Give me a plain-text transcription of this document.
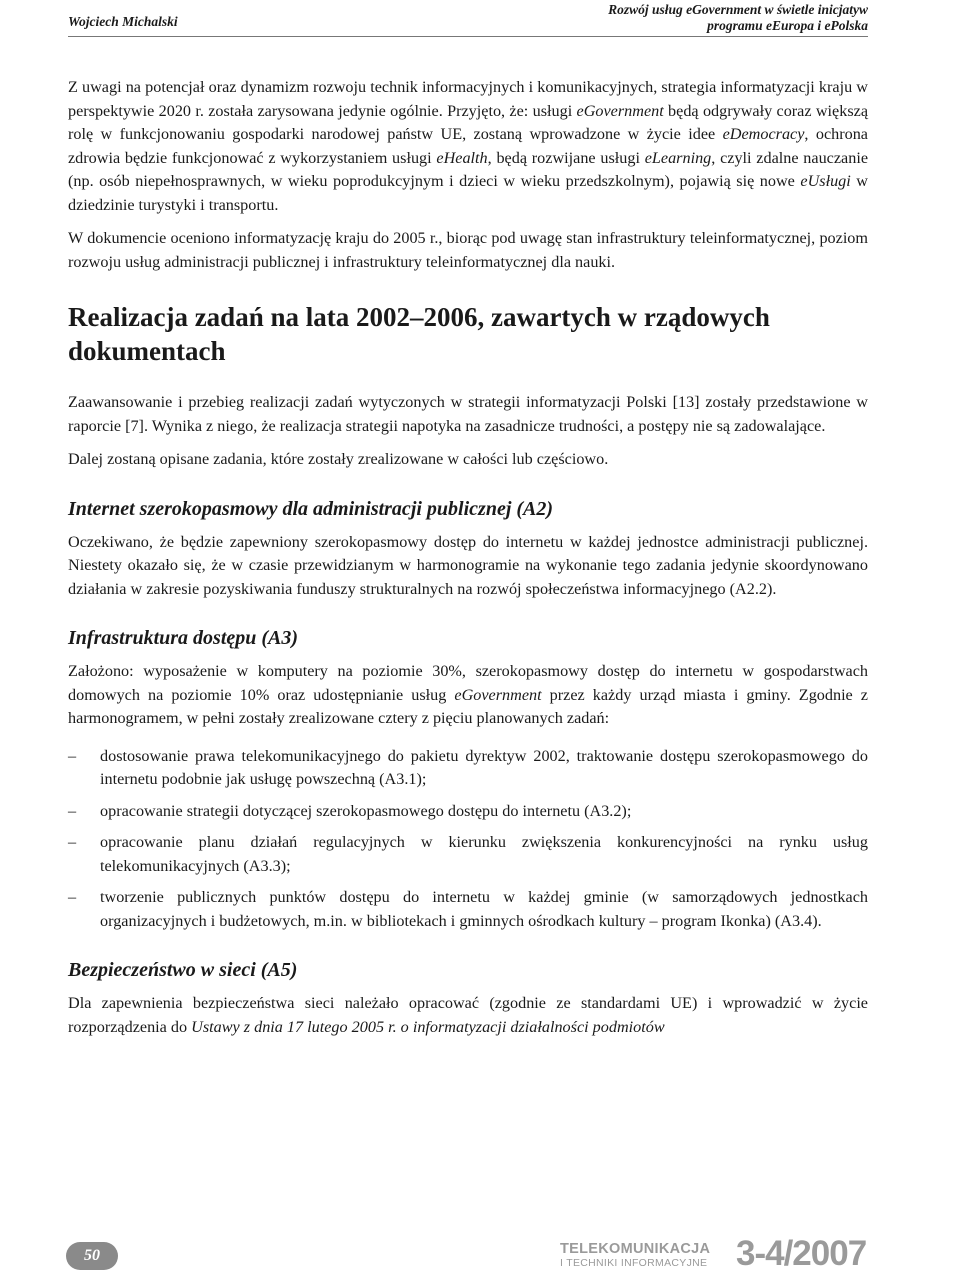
Wojciech Michalski
Rozwój usług eGovernment w świetle inicjatyw
programu eEuropa i ePolska

Z uwagi na potencjał oraz dynamizm rozwoju technik informacyjnych i komunikacyjnych, strategia informatyzacji kraju w perspektywie 2020 r. została zarysowana jedynie ogólnie. Przyjęto, że: usługi eGovernment będą odgrywały coraz większą rolę w funkcjonowaniu gospodarki narodowej państw UE, zostaną wprowadzone w życie idee eDemocracy, ochrona zdrowia będzie funkcjonować z wykorzystaniem usługi eHealth, będą rozwijane usługi eLearning, czyli zdalne nauczanie (np. osób niepełnosprawnych, w wieku poprodukcyjnym i dzieci w wieku przedszkolnym), pojawią się nowe eUsługi w dziedzinie turystyki i transportu.

W dokumencie oceniono informatyzację kraju do 2005 r., biorąc pod uwagę stan infrastruktury teleinformatycznej, poziom rozwoju usług administracji publicznej i infrastruktury teleinformatycznej dla nauki.

Realizacja zadań na lata 2002–2006, zawartych w rządowych dokumentach

Zaawansowanie i przebieg realizacji zadań wytyczonych w strategii informatyzacji Polski [13] zostały przedstawione w raporcie [7]. Wynika z niego, że realizacja strategii napotyka na zasadnicze trudności, a postępy nie są zadowalające.

Dalej zostaną opisane zadania, które zostały zrealizowane w całości lub częściowo.

Internet szerokopasmowy dla administracji publicznej (A2)

Oczekiwano, że będzie zapewniony szerokopasmowy dostęp do internetu w każdej jednostce administracji publicznej. Niestety okazało się, że w czasie przewidzianym w harmonogramie na wykonanie tego zadania jedynie skoordynowano działania w zakresie pozyskiwania funduszy strukturalnych na rozwój społeczeństwa informacyjnego (A2.2).

Infrastruktura dostępu (A3)

Założono: wyposażenie w komputery na poziomie 30%, szerokopasmowy dostęp do internetu w gospodarstwach domowych na poziomie 10% oraz udostępnianie usług eGovernment przez każdy urząd miasta i gminy. Zgodnie z harmonogramem, w pełni zostały zrealizowane cztery z pięciu planowanych zadań:

– dostosowanie prawa telekomunikacyjnego do pakietu dyrektyw 2002, traktowanie dostępu szerokopasmowego do internetu podobnie jak usługę powszechną (A3.1);
– opracowanie strategii dotyczącej szerokopasmowego dostępu do internetu (A3.2);
– opracowanie planu działań regulacyjnych w kierunku zwiększenia konkurencyjności na rynku usług telekomunikacyjnych (A3.3);
– tworzenie publicznych punktów dostępu do internetu w każdej gminie (w samorządowych jednostkach organizacyjnych i budżetowych, m.in. w bibliotekach i gminnych ośrodkach kultury – program Ikonka) (A3.4).
Bezpieczeństwo w sieci (A5)

Dla zapewnienia bezpieczeństwa sieci należało opracować (zgodnie ze standardami UE) i wprowadzić w życie rozporządzenia do Ustawy z dnia 17 lutego 2005 r. o informatyzacji działalności podmiotów

50	TELEKOMUNIKACJA
I TECHNIKI INFORMACYJNE 3-4/2007
